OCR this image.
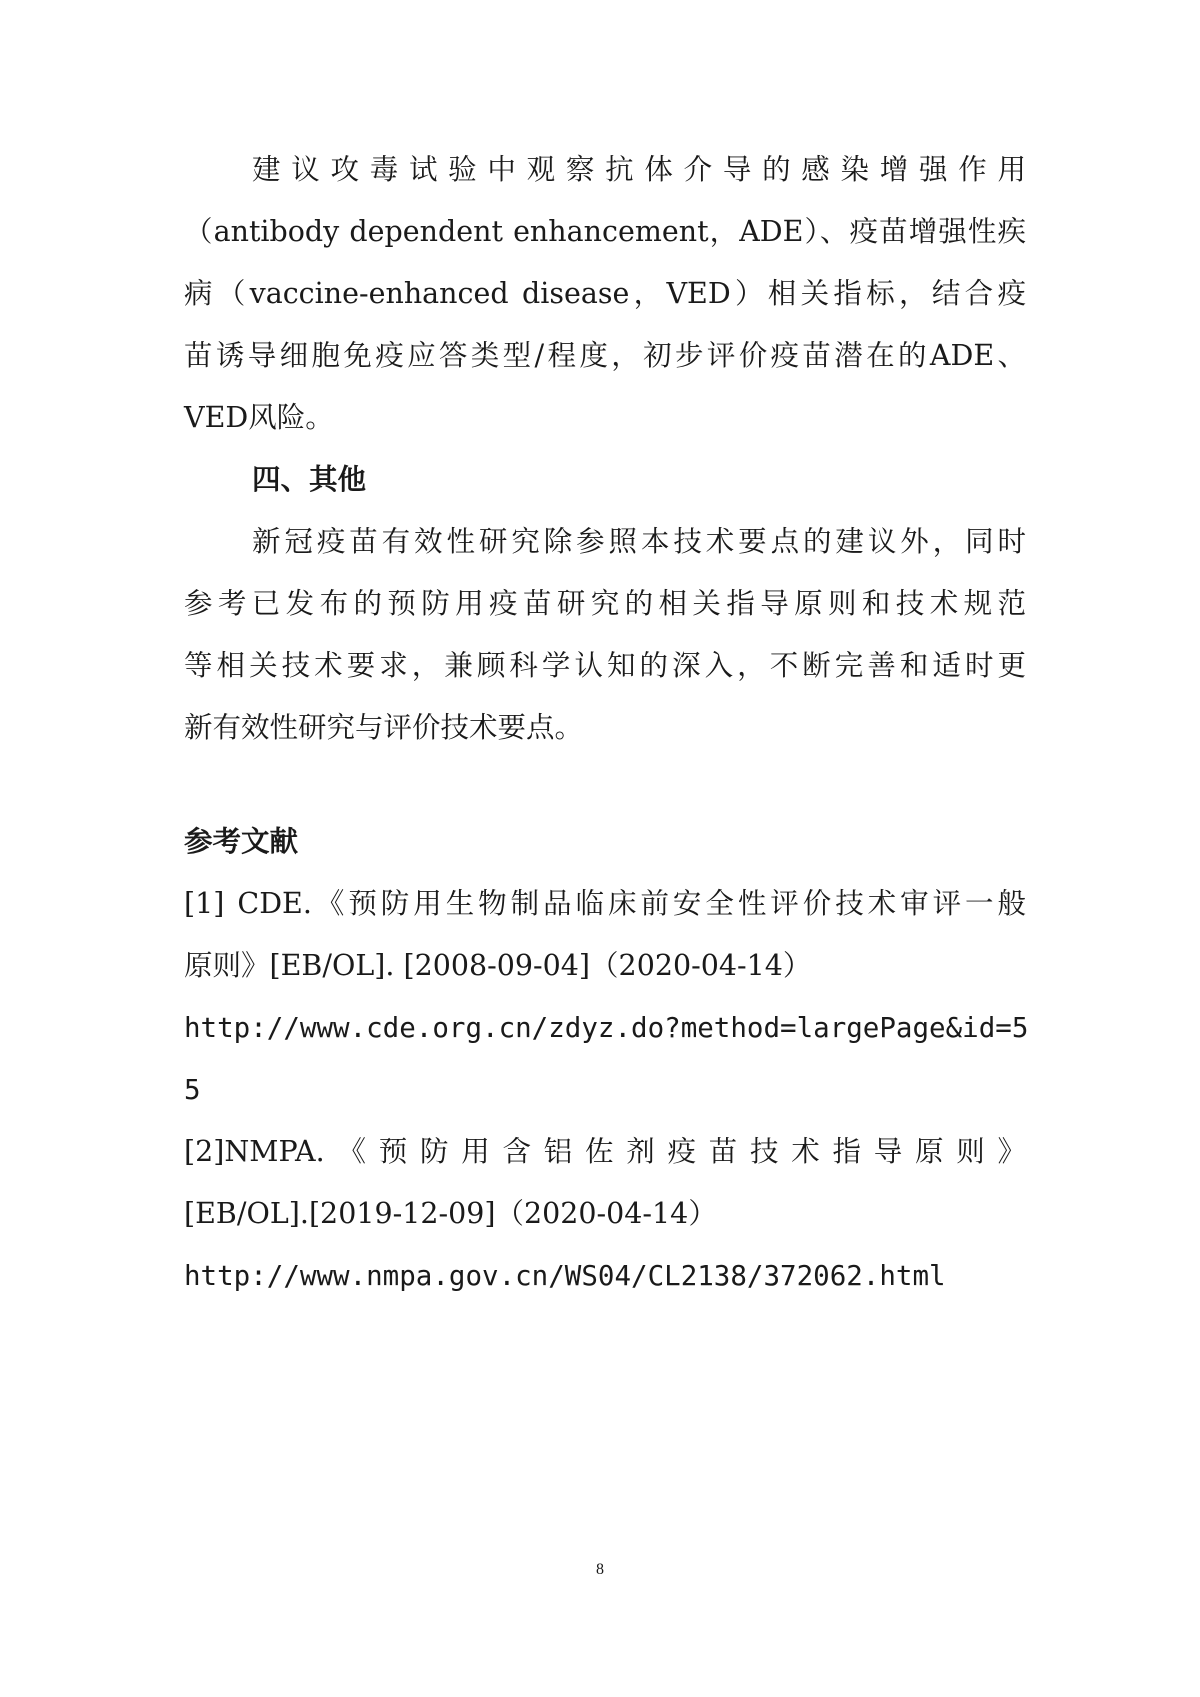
建议攻毒试验中观察抗体介导的感染增强作用
（antibody dependent enhancement，ADE）、疫苗增强性疾
病（vaccine-enhanced disease，VED）相关指标，结合疫
苗诱导细胞免疫应答类型/程度，初步评价疫苗潜在的ADE、
VED风险。
四、其他
新冠疫苗有效性研究除参照本技术要点的建议外，同时
参考已发布的预防用疫苗研究的相关指导原则和技术规范
等相关技术要求，兼顾科学认知的深入，不断完善和适时更
新有效性研究与评价技术要点。
参考文献
[1] CDE.《预防用生物制品临床前安全性评价技术审评一般
原则》[EB/OL]. [2008-09-04]（2020-04-14）
http://www.cde.org.cn/zdyz.do?method=largePage&id=5
5
[2]NMPA.《预防用含铝佐剂疫苗技术指导原则》
[EB/OL].[2019-12-09]（2020-04-14）
http://www.nmpa.gov.cn/WS04/CL2138/372062.html
8
